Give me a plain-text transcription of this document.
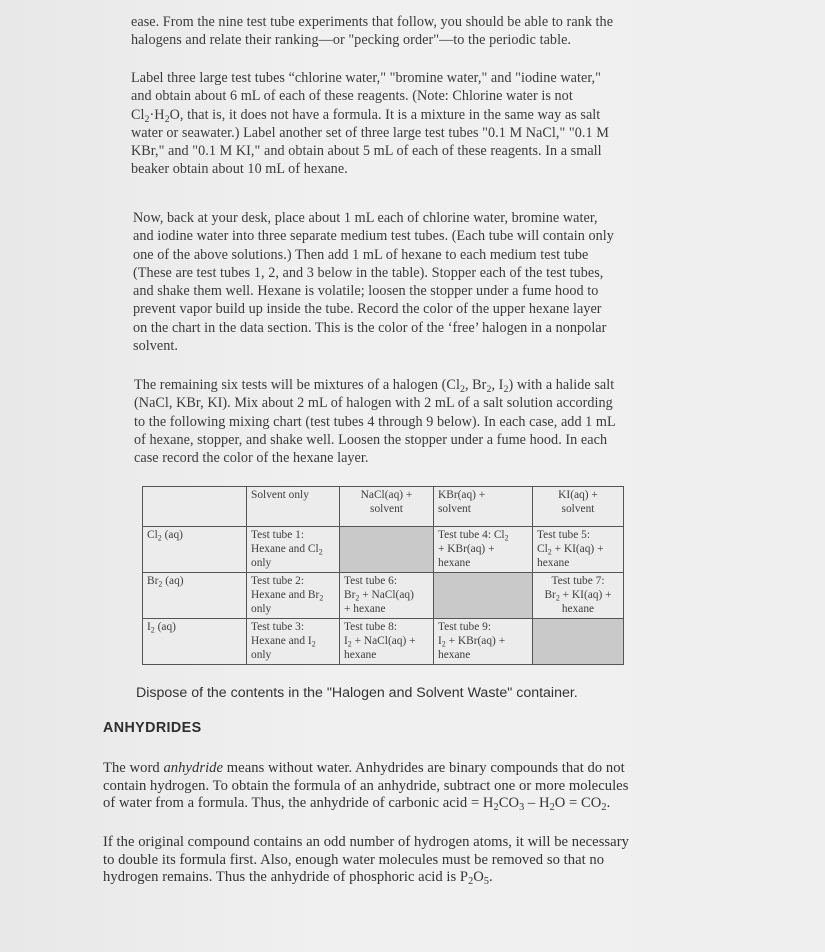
ease. From the nine test tube experiments that follow, you should be able to rank the
halogens and relate their ranking—or "pecking order"—to the periodic table.

Label three large test tubes “chlorine water," "bromine water," and "iodine water,"
and obtain about 6 mL of each of these reagents. (Note: Chlorine water is not
$Cl_2\cdot H_2O$, that is, it does not have a formula. It is a mixture in the same way as salt
water or seawater.) Label another set of three large test tubes "0.1 M NaCl," "0.1 M
KBr," and "0.1 M KI," and obtain about 5 mL of each of these reagents. In a small
beaker obtain about 10 mL of hexane.

Now, back at your desk, place about 1 mL each of chlorine water, bromine water,
and iodine water into three separate medium test tubes. (Each tube will contain only
one of the above solutions.) Then add 1 mL of hexane to each medium test tube
(These are test tubes 1, 2, and 3 below in the table). Stopper each of the test tubes,
and shake them well. Hexane is volatile; loosen the stopper under a fume hood to
prevent vapor build up inside the tube. Record the color of the upper hexane layer
on the chart in the data section. This is the color of the ‘free’ halogen in a nonpolar
solvent.

The remaining six tests will be mixtures of a halogen ($Cl_2$, $Br_2$, $I_2$) with a halide salt
(NaCl, KBr, KI). Mix about 2 mL of halogen with 2 mL of a salt solution according
to the following mixing chart (test tubes 4 through 9 below). In each case, add 1 mL
of hexane, stopper, and shake well. Loosen the stopper under a fume hood. In each
case record the color of the hexane layer.

	Solvent only	NaCl(aq) +
solvent	KBr(aq) +
solvent	KI(aq) +
solvent

$Cl_2$ (aq)	Test tube 1:
Hexane and $Cl_2$
only		Test tube 4: $Cl_2$
+ KBr(aq) +
hexane	Test tube 5:
$Cl_2 + KI(aq)$ +
hexane

$Br_2$ (aq)	Test tube 2:
Hexane and $Br_2$
only	Test tube 6:
$Br_2$ + NaCl(aq)
+ hexane		Test tube 7:
$Br_2 + KI(aq)$ +
hexane

$I_2$ (aq)	Test tube 3:
Hexane and $I_2$
only	Test tube 8:
$I_2$ + NaCl(aq) +
hexane	Test tube 9:
$I_2 + KBr(aq)$ +
hexane	

Dispose of the contents in the "Halogen and Solvent Waste" container.
ANHYDRIDES

The word anhydride means without water. Anhydrides are binary compounds that do not
contain hydrogen. To obtain the formula of an anhydride, subtract one or more molecules
of water from a formula. Thus, the anhydride of carbonic acid = $H_2CO_3 - H_2O = CO_2$.

If the original compound contains an odd number of hydrogen atoms, it will be necessary
to double its formula first. Also, enough water molecules must be removed so that no
hydrogen remains. Thus the anhydride of phosphoric acid is $P_2O_5$.
